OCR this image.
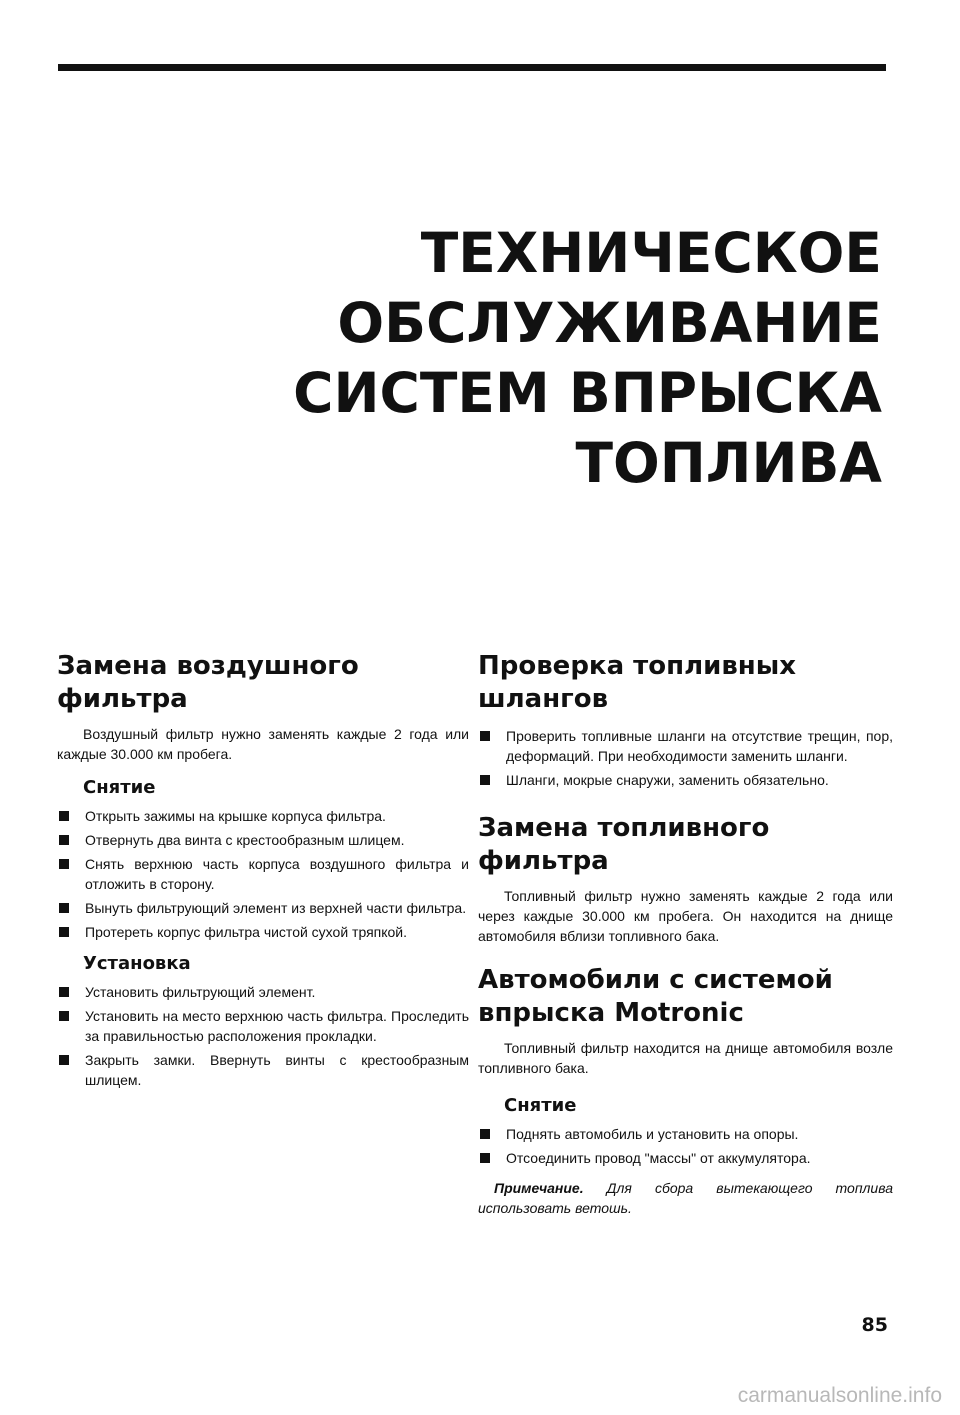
ТЕХНИЧЕСКОЕ
ОБСЛУЖИВАНИЕ
СИСТЕМ ВПРЫСКА
ТОПЛИВА
Замена воздушного
фильтра

Воздушный фильтр нужно заменять каждые 2 года или каждые 30.000 км пробега.

Снятие
Открыть зажимы на крышке корпуса фильтра.
Отвернуть два винта с крестообразным шлицем.
Снять верхнюю часть корпуса воздушного фильтра и отложить в сторону.
Вынуть фильтрующий элемент из верхней части фильтра.
Протереть корпус фильтра чистой сухой тряпкой.
Установка
Установить фильтрующий элемент.
Установить на место верхнюю часть фильтра. Проследить за правильностью расположения прокладки.
Закрыть замки. Ввернуть винты с крестообразным шлицем.
Проверка топливных
шлангов
Проверить топливные шланги на отсутствие трещин, пор, деформаций. При необходимости заменить шланги.
Шланги, мокрые снаружи, заменить обязательно.
Замена топливного
фильтра

Топливный фильтр нужно заменять каждые 2 года или через каждые 30.000 км пробега. Он находится на днище автомобиля вблизи топливного бака.

Автомобили с системой
впрыска Motronic

Топливный фильтр находится на днище автомобиля возле топливного бака.

Снятие
Поднять автомобиль и установить на опоры.
Отсоединить провод "массы" от аккумулятора.

Примечание. Для сбора вытекающего топлива использовать ветошь.

85
carmanualsonline.info
